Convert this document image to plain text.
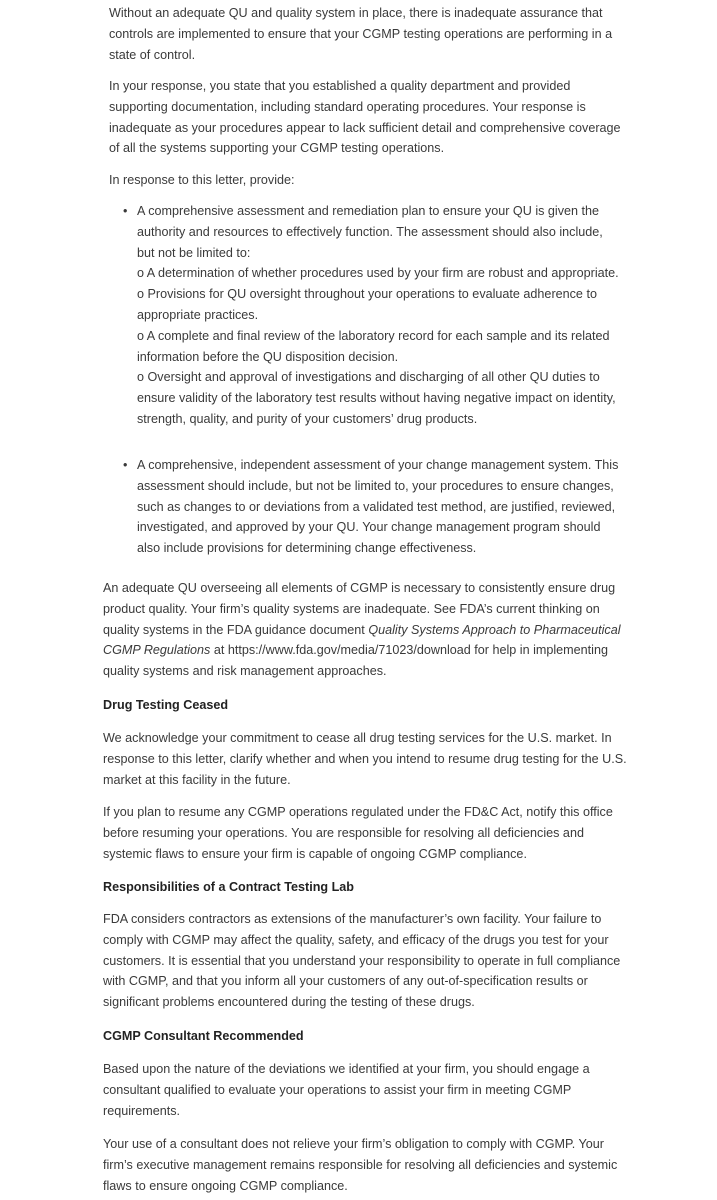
Without an adequate QU and quality system in place, there is inadequate assurance that controls are implemented to ensure that your CGMP testing operations are performing in a state of control.

In your response, you state that you established a quality department and provided supporting documentation, including standard operating procedures. Your response is inadequate as your procedures appear to lack sufficient detail and comprehensive coverage of all the systems supporting your CGMP testing operations.

In response to this letter, provide:

• A comprehensive assessment and remediation plan to ensure your QU is given the authority and resources to effectively function. The assessment should also include, but not be limited to:
o A determination of whether procedures used by your firm are robust and appropriate.
o Provisions for QU oversight throughout your operations to evaluate adherence to appropriate practices.
o A complete and final review of the laboratory record for each sample and its related information before the QU disposition decision.
o Oversight and approval of investigations and discharging of all other QU duties to ensure validity of the laboratory test results without having negative impact on identity, strength, quality, and purity of your customers’ drug products.
• A comprehensive, independent assessment of your change management system. This assessment should include, but not be limited to, your procedures to ensure changes, such as changes to or deviations from a validated test method, are justified, reviewed, investigated, and approved by your QU. Your change management program should also include provisions for determining change effectiveness.

An adequate QU overseeing all elements of CGMP is necessary to consistently ensure drug product quality. Your firm’s quality systems are inadequate. See FDA’s current thinking on quality systems in the FDA guidance document Quality Systems Approach to Pharmaceutical CGMP Regulations at https://www.fda.gov/media/71023/download for help in implementing quality systems and risk management approaches.

Drug Testing Ceased

We acknowledge your commitment to cease all drug testing services for the U.S. market. In response to this letter, clarify whether and when you intend to resume drug testing for the U.S. market at this facility in the future.

If you plan to resume any CGMP operations regulated under the FD&C Act, notify this office before resuming your operations. You are responsible for resolving all deficiencies and systemic flaws to ensure your firm is capable of ongoing CGMP compliance.

Responsibilities of a Contract Testing Lab

FDA considers contractors as extensions of the manufacturer’s own facility. Your failure to comply with CGMP may affect the quality, safety, and efficacy of the drugs you test for your customers. It is essential that you understand your responsibility to operate in full compliance with CGMP, and that you inform all your customers of any out-of-specification results or significant problems encountered during the testing of these drugs.

CGMP Consultant Recommended

Based upon the nature of the deviations we identified at your firm, you should engage a consultant qualified to evaluate your operations to assist your firm in meeting CGMP requirements.

Your use of a consultant does not relieve your firm’s obligation to comply with CGMP. Your firm’s executive management remains responsible for resolving all deficiencies and systemic flaws to ensure ongoing CGMP compliance.
